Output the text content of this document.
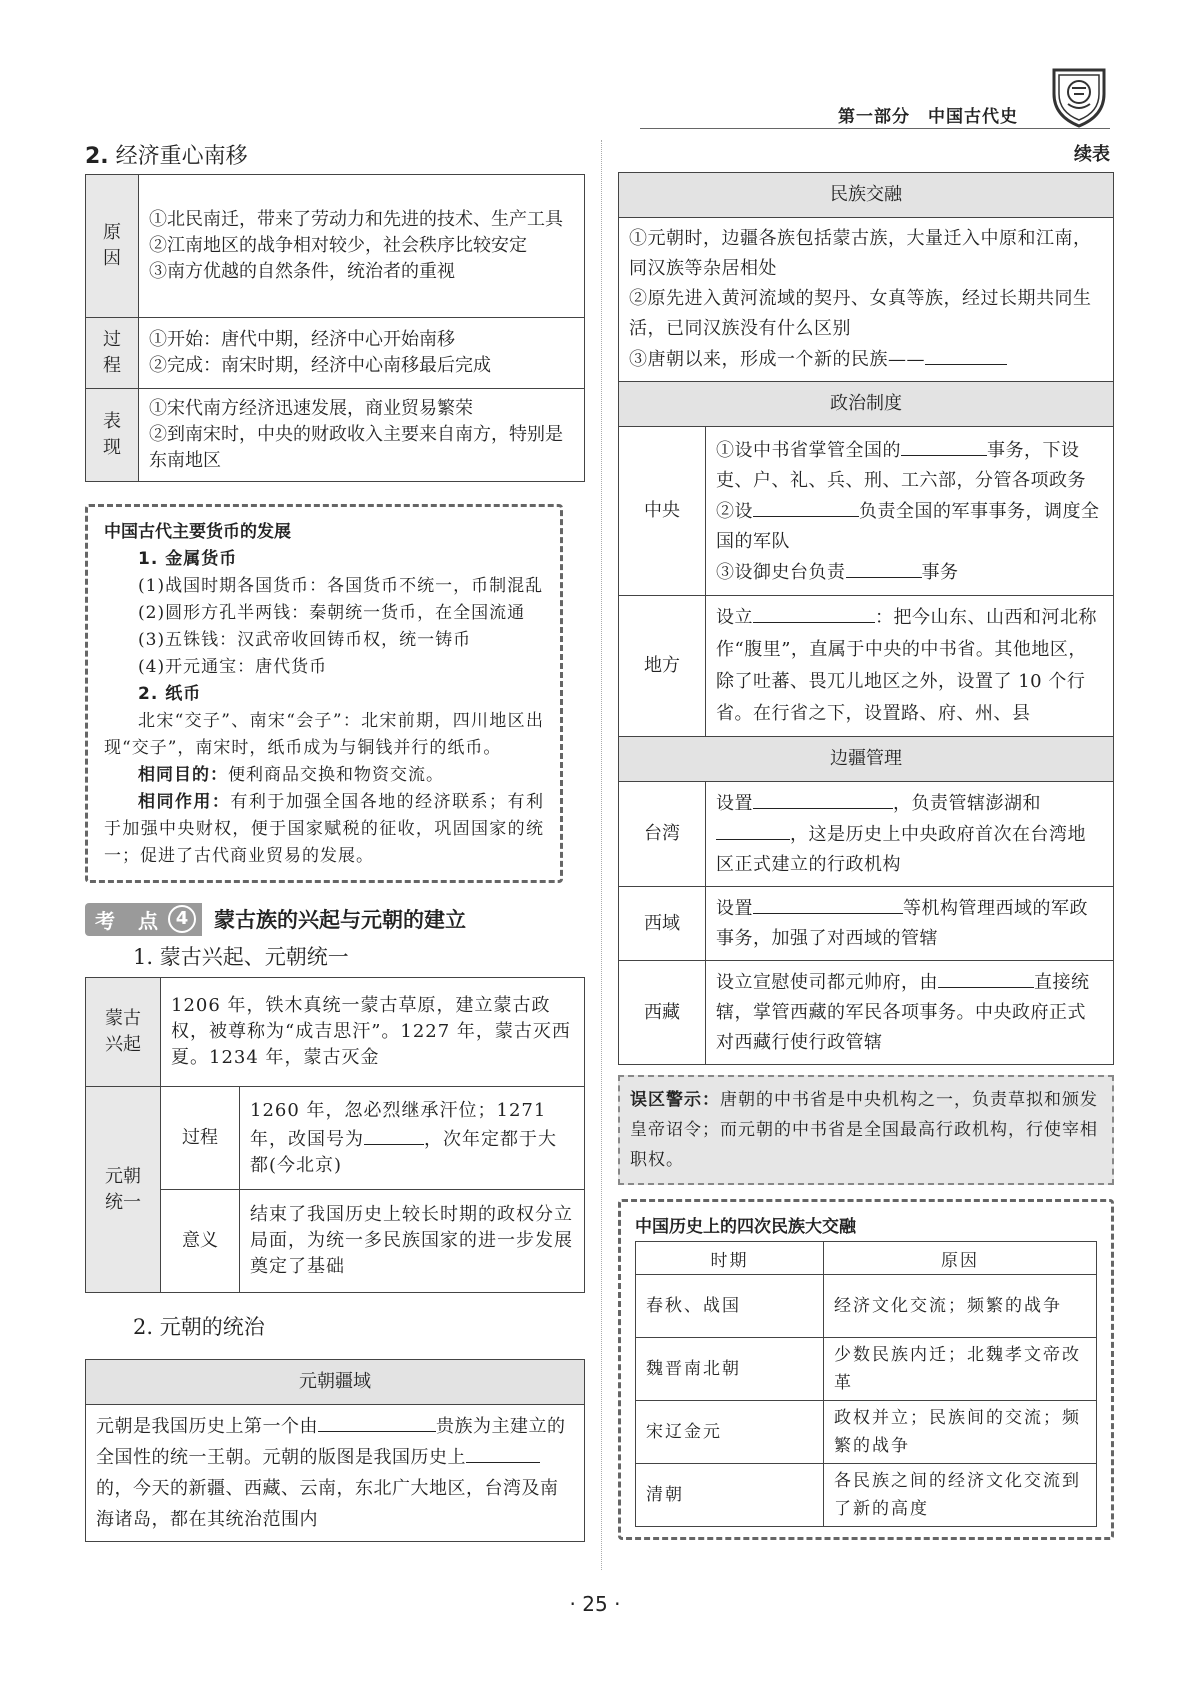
第一部分　中国古代史
2. 经济重心南移
原因	①北民南迁，带来了劳动力和先进的技术、生产工具
②江南地区的战争相对较少，社会秩序比较安定
③南方优越的自然条件，统治者的重视

过程	①开始：唐代中期，经济中心开始南移
②完成：南宋时期，经济中心南移最后完成

表现	①宋代南方经济迅速发展，商业贸易繁荣
②到南宋时，中央的财政收入主要来自南方，特别是东南地区
中国古代主要货币的发展

1. 金属货币

(1)战国时期各国货币：各国货币不统一，币制混乱

(2)圆形方孔半两钱：秦朝统一货币，在全国流通

(3)五铢钱：汉武帝收回铸币权，统一铸币

(4)开元通宝：唐代货币

2. 纸币

北宋“交子”、南宋“会子”：北宋前期，四川地区出现“交子”，南宋时，纸币成为与铜钱并行的纸币。

相同目的：便利商品交换和物资交流。

相同作用：有利于加强全国各地的经济联系；有利于加强中央财权，便于国家赋税的征收，巩固国家的统一；促进了古代商业贸易的发展。

考 点 4	蒙古族的兴起与元朝的建立
1. 蒙古兴起、元朝统一
蒙古兴起	1206 年，铁木真统一蒙古草原，建立蒙古政权，被尊称为“成吉思汗”。1227 年，蒙古灭西夏。1234 年，蒙古灭金	

元朝统一	过程	1260 年，忽必烈继承汗位；1271 年，改国号为 ，次年定都于大都(今北京)
	意义	结束了我国历史上较长时期的政权分立局面，为统一多民族国家的进一步发展奠定了基础
2. 元朝的统治
元朝疆域
元朝是我国历史上第一个由	贵族为主建立的全国性的统一王朝。元朝的版图是我国历史上的，今天的新疆、西藏、云南，东北广大地区，台湾及南海诸岛，都在其统治范围内
续表
民族交融	

①元朝时，边疆各族包括蒙古族，大量迁入中原和江南，同汉族等杂居相处
②原先进入黄河流域的契丹、女真等族，经过长期共同生活，已同汉族没有什么区别
③唐朝以来，形成一个新的民族——	

政治制度	
中央	①设中书省掌管全国的 事务，下设吏、户、礼、兵、刑、工六部，分管各项政务
②设 负责全国的军事事务，调度全国的军队
③设御史台负责 事务

地方	设立 ：把今山东、山西和河北称作“腹里”，直属于中央的中书省。其他地区，除了吐蕃、畏兀儿地区之外，设置了 10 个行省。在行省之下，设置路、府、州、县
边疆管理	
台湾	设置 ，负责管辖澎湖和，这是历史上中央政府首次在台湾地区正式建立的行政机构
西域	设置 等机构管理西域的军政事务，加强了对西域的管辖
西藏	设立宣慰使司都元帅府，由 直接统辖，掌管西藏的军民各项事务。中央政府正式对西藏行使行政管辖
误区警示：唐朝的中书省是中央机构之一，负责草拟和颁发皇帝诏令；而元朝的中书省是全国最高行政机构，行使宰相职权。
中国历史上的四次民族大交融
时期	原因
春秋、战国	经济文化交流；频繁的战争
魏晋南北朝	少数民族内迁；北魏孝文帝改革
宋辽金元	政权并立；民族间的交流；频繁的战争
清朝	各民族之间的经济文化交流到了新的高度
· 25 ·
